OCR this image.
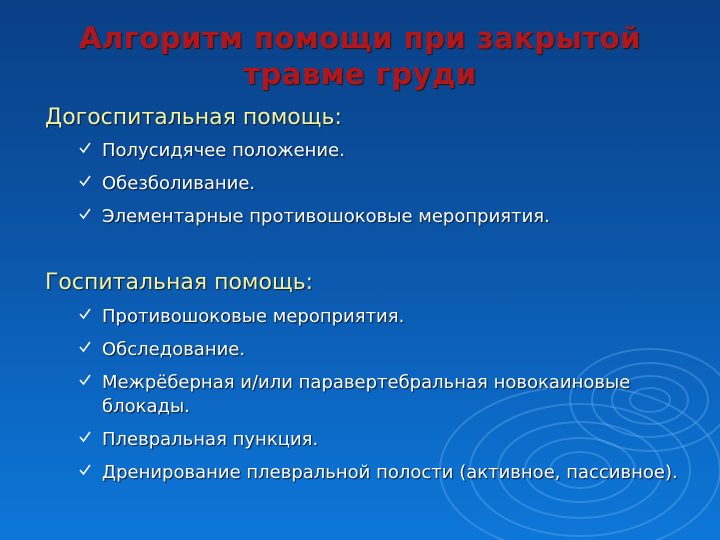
Алгоритм помощи при закрытой травме груди
Догоспитальная помощь:
Полусидячее положение.
Обезболивание.
Элементарные противошоковые мероприятия.
Госпитальная помощь:
Противошоковые мероприятия.
Обследование.
Межрёберная и/или паравертебральная новокаиновые блокады.
Плевральная пункция.
Дренирование плевральной полости (активное, пассивное).
